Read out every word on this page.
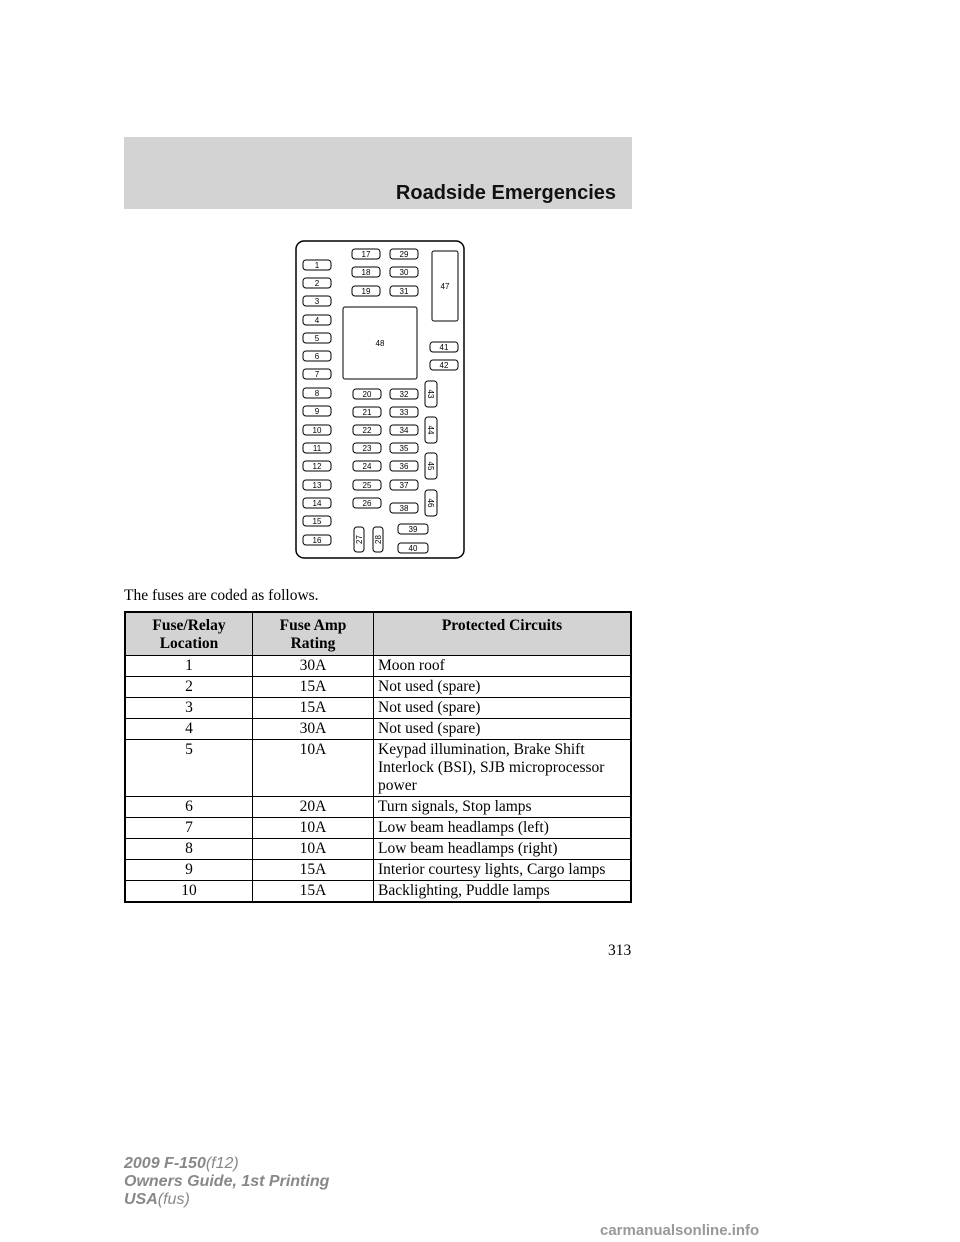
Roadside Emergencies
1
2
3
4
5
6
7
8
9
10
11
12
13
14
15
16
17
18
19
20
21
22
23
24
25
26
27 28
29
30
31
32
33
34
35
36
37
38
39
40
41
42
43
44
45
46
47
48
The fuses are coded as follows.
Fuse/Relay Location	Fuse Amp Rating	Protected Circuits
1	30A	Moon roof
2	15A	Not used (spare)
3	15A	Not used (spare)
4	30A	Not used (spare)
5	10A	Keypad illumination, Brake Shift Interlock (BSI), SJB microprocessor power
6	20A	Turn signals, Stop lamps
7	10A	Low beam headlamps (left)
8	10A	Low beam headlamps (right)
9	15A	Interior courtesy lights, Cargo lamps
10	15A	Backlighting, Puddle lamps
313
2009 F-150(f12)
Owners Guide, 1st Printing
USA(fus)
carmanualsonline.info
